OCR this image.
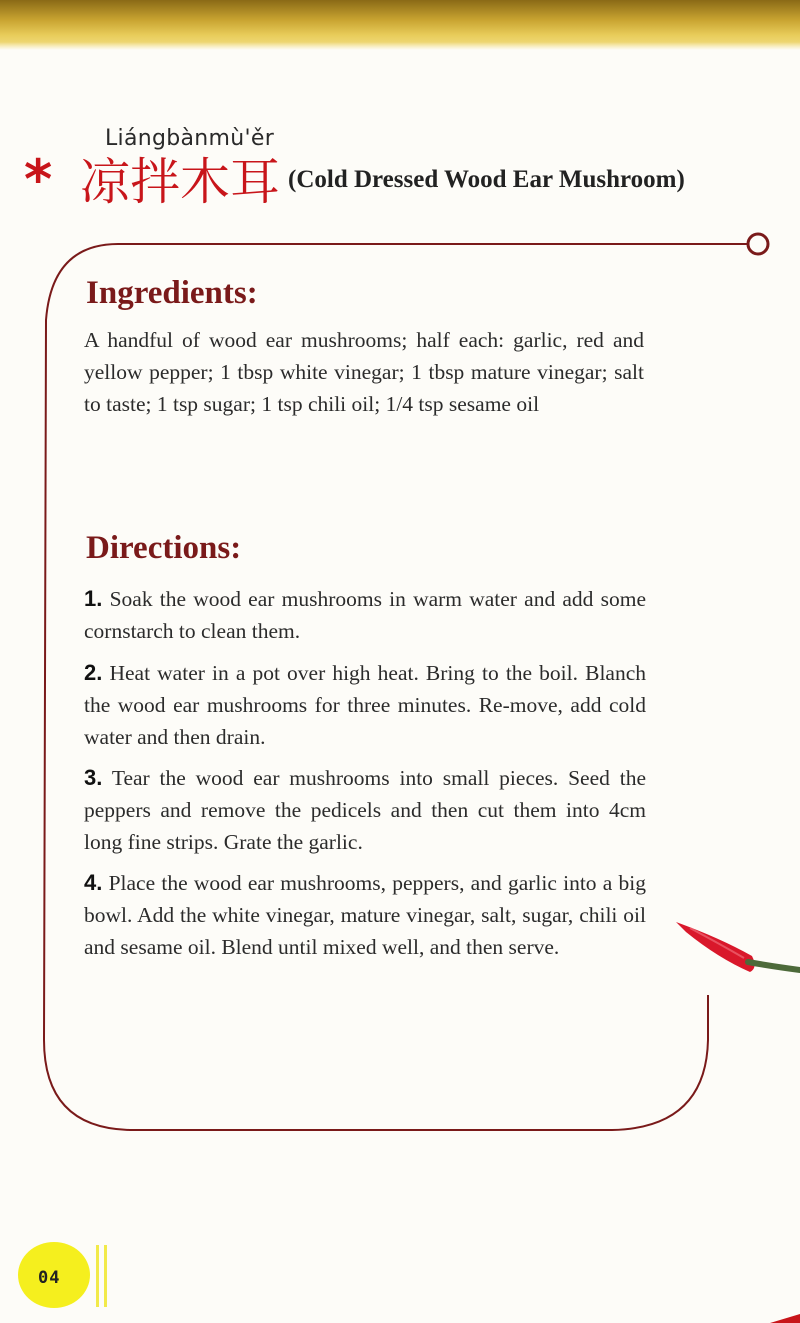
Liángbànmù'ěr
* 凉拌木耳 (Cold Dressed Wood Ear Mushroom)
Ingredients:
A handful of wood ear mushrooms; half each: garlic, red and yellow pepper; 1 tbsp white vinegar; 1 tbsp mature vinegar; salt to taste; 1 tsp sugar; 1 tsp chili oil; 1/4 tsp sesame oil
Directions:
1. Soak the wood ear mushrooms in warm water and add some cornstarch to clean them.
2. Heat water in a pot over high heat. Bring to the boil. Blanch the wood ear mushrooms for three minutes. Re-move, add cold water and then drain.
3. Tear the wood ear mushrooms into small pieces. Seed the peppers and remove the pedicels and then cut them into 4cm long fine strips. Grate the garlic.
4. Place the wood ear mushrooms, peppers, and garlic into a big bowl. Add the white vinegar, mature vinegar, salt, sugar, chili oil and sesame oil. Blend until mixed well, and then serve.
04
